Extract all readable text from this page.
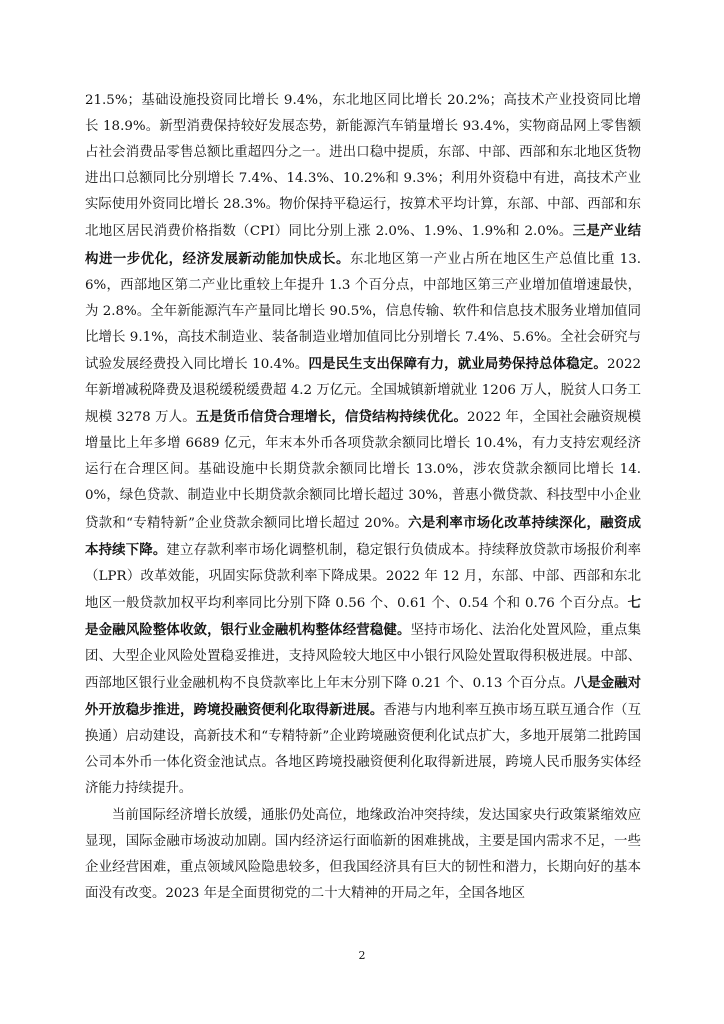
21.5%；基础设施投资同比增长 9.4%，东北地区同比增长 20.2%；高技术产业投资同比增长 18.9%。新型消费保持较好发展态势，新能源汽车销量增长 93.4%，实物商品网上零售额占社会消费品零售总额比重超四分之一。进出口稳中提质，东部、中部、西部和东北地区货物进出口总额同比分别增长 7.4%、14.3%、10.2%和 9.3%；利用外资稳中有进，高技术产业实际使用外资同比增长 28.3%。物价保持平稳运行，按算术平均计算，东部、中部、西部和东北地区居民消费价格指数（CPI）同比分别上涨 2.0%、1.9%、1.9%和 2.0%。三是产业结构进一步优化，经济发展新动能加快成长。东北地区第一产业占所在地区生产总值比重 13.6%，西部地区第二产业比重较上年提升 1.3 个百分点，中部地区第三产业增加值增速最快，为 2.8%。全年新能源汽车产量同比增长 90.5%，信息传输、软件和信息技术服务业增加值同比增长 9.1%，高技术制造业、装备制造业增加值同比分别增长 7.4%、5.6%。全社会研究与试验发展经费投入同比增长 10.4%。四是民生支出保障有力，就业局势保持总体稳定。2022 年新增减税降费及退税缓税缓费超 4.2 万亿元。全国城镇新增就业 1206 万人，脱贫人口务工规模 3278 万人。五是货币信贷合理增长，信贷结构持续优化。2022 年，全国社会融资规模增量比上年多增 6689 亿元，年末本外币各项贷款余额同比增长 10.4%，有力支持宏观经济运行在合理区间。基础设施中长期贷款余额同比增长 13.0%，涉农贷款余额同比增长 14.0%，绿色贷款、制造业中长期贷款余额同比增长超过 30%，普惠小微贷款、科技型中小企业贷款和“专精特新”企业贷款余额同比增长超过 20%。六是利率市场化改革持续深化，融资成本持续下降。建立存款利率市场化调整机制，稳定银行负债成本。持续释放贷款市场报价利率（LPR）改革效能，巩固实际贷款利率下降成果。2022 年 12 月，东部、中部、西部和东北地区一般贷款加权平均利率同比分别下降 0.56 个、0.61 个、0.54 个和 0.76 个百分点。七是金融风险整体收敛，银行业金融机构整体经营稳健。坚持市场化、法治化处置风险，重点集团、大型企业风险处置稳妥推进，支持风险较大地区中小银行风险处置取得积极进展。中部、西部地区银行业金融机构不良贷款率比上年末分别下降 0.21 个、0.13 个百分点。八是金融对外开放稳步推进，跨境投融资便利化取得新进展。香港与内地利率互换市场互联互通合作（互换通）启动建设，高新技术和“专精特新”企业跨境融资便利化试点扩大，多地开展第二批跨国公司本外币一体化资金池试点。各地区跨境投融资便利化取得新进展，跨境人民币服务实体经济能力持续提升。

当前国际经济增长放缓，通胀仍处高位，地缘政治冲突持续，发达国家央行政策紧缩效应显现，国际金融市场波动加剧。国内经济运行面临新的困难挑战，主要是国内需求不足，一些企业经营困难，重点领域风险隐患较多，但我国经济具有巨大的韧性和潜力，长期向好的基本面没有改变。2023 年是全面贯彻党的二十大精神的开局之年，全国各地区

2
